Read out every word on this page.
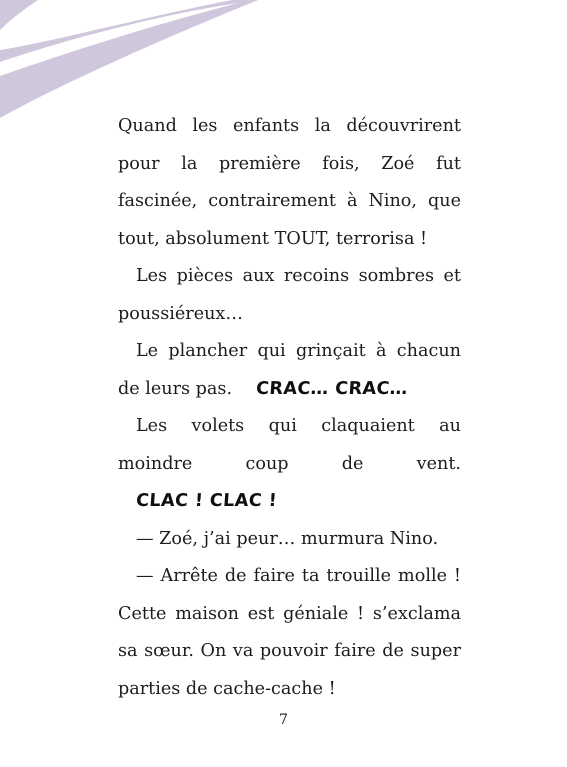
Quand les enfants la découvrirent pour la première fois, Zoé fut fascinée, contrairement à Nino, que tout, absolument TOUT, terrorisa !

Les pièces aux recoins sombres et poussiéreux…

Le plancher qui grinçait à chacun de leurs pas. CRAC… CRAC…

Les volets qui claquaient au moindre coup de vent. CLAC ! CLAC !

— Zoé, j’ai peur… murmura Nino.

— Arrête de faire ta trouille molle ! Cette maison est géniale ! s’exclama sa sœur. On va pouvoir faire de super parties de cache-cache !

7
